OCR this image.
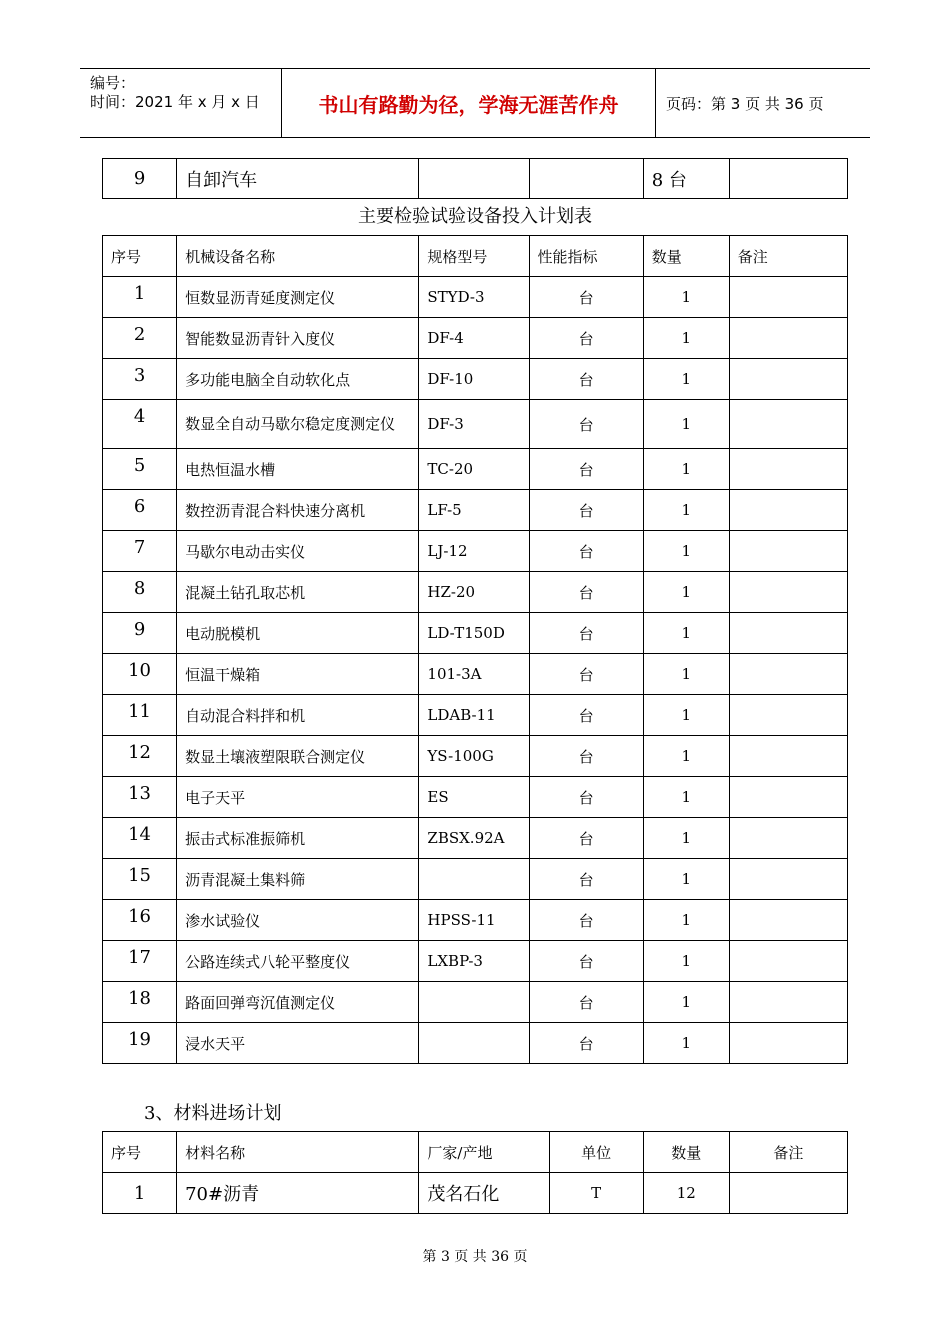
编号：
时间：2021 年 x 月 x 日	书山有路勤为径，学海无涯苦作舟	页码：第 3 页 共 36 页
9	自卸汽车			8 台	
主要检验试验设备投入计划表
序号	机械设备名称	规格型号	性能指标	数量	备注
1	恒数显沥青延度测定仪	STYD-3	台	1	
2	智能数显沥青针入度仪	DF-4	台	1	
3	多功能电脑全自动软化点	DF-10	台	1	
4	数显全自动马歇尔稳定度测定仪	DF-3	台	1	
5	电热恒温水槽	TC-20	台	1	
6	数控沥青混合料快速分离机	LF-5	台	1	
7	马歇尔电动击实仪	LJ-12	台	1	
8	混凝土钻孔取芯机	HZ-20	台	1	
9	电动脱模机	LD-T150D	台	1	
10	恒温干燥箱	101-3A	台	1	
11	自动混合料拌和机	LDAB-11	台	1	
12	数显土壤液塑限联合测定仪	YS-100G	台	1	
13	电子天平	ES	台	1	
14	振击式标准振筛机	ZBSX.92A	台	1	
15	沥青混凝土集料筛		台	1	
16	渗水试验仪	HPSS-11	台	1	
17	公路连续式八轮平整度仪	LXBP-3	台	1	
18	路面回弹弯沉值测定仪		台	1	
19	浸水天平		台	1	
3、材料进场计划
序号	材料名称	厂家/产地	单位	数量	备注
1	70#沥青	茂名石化	T	12	
第 3 页 共 36 页
